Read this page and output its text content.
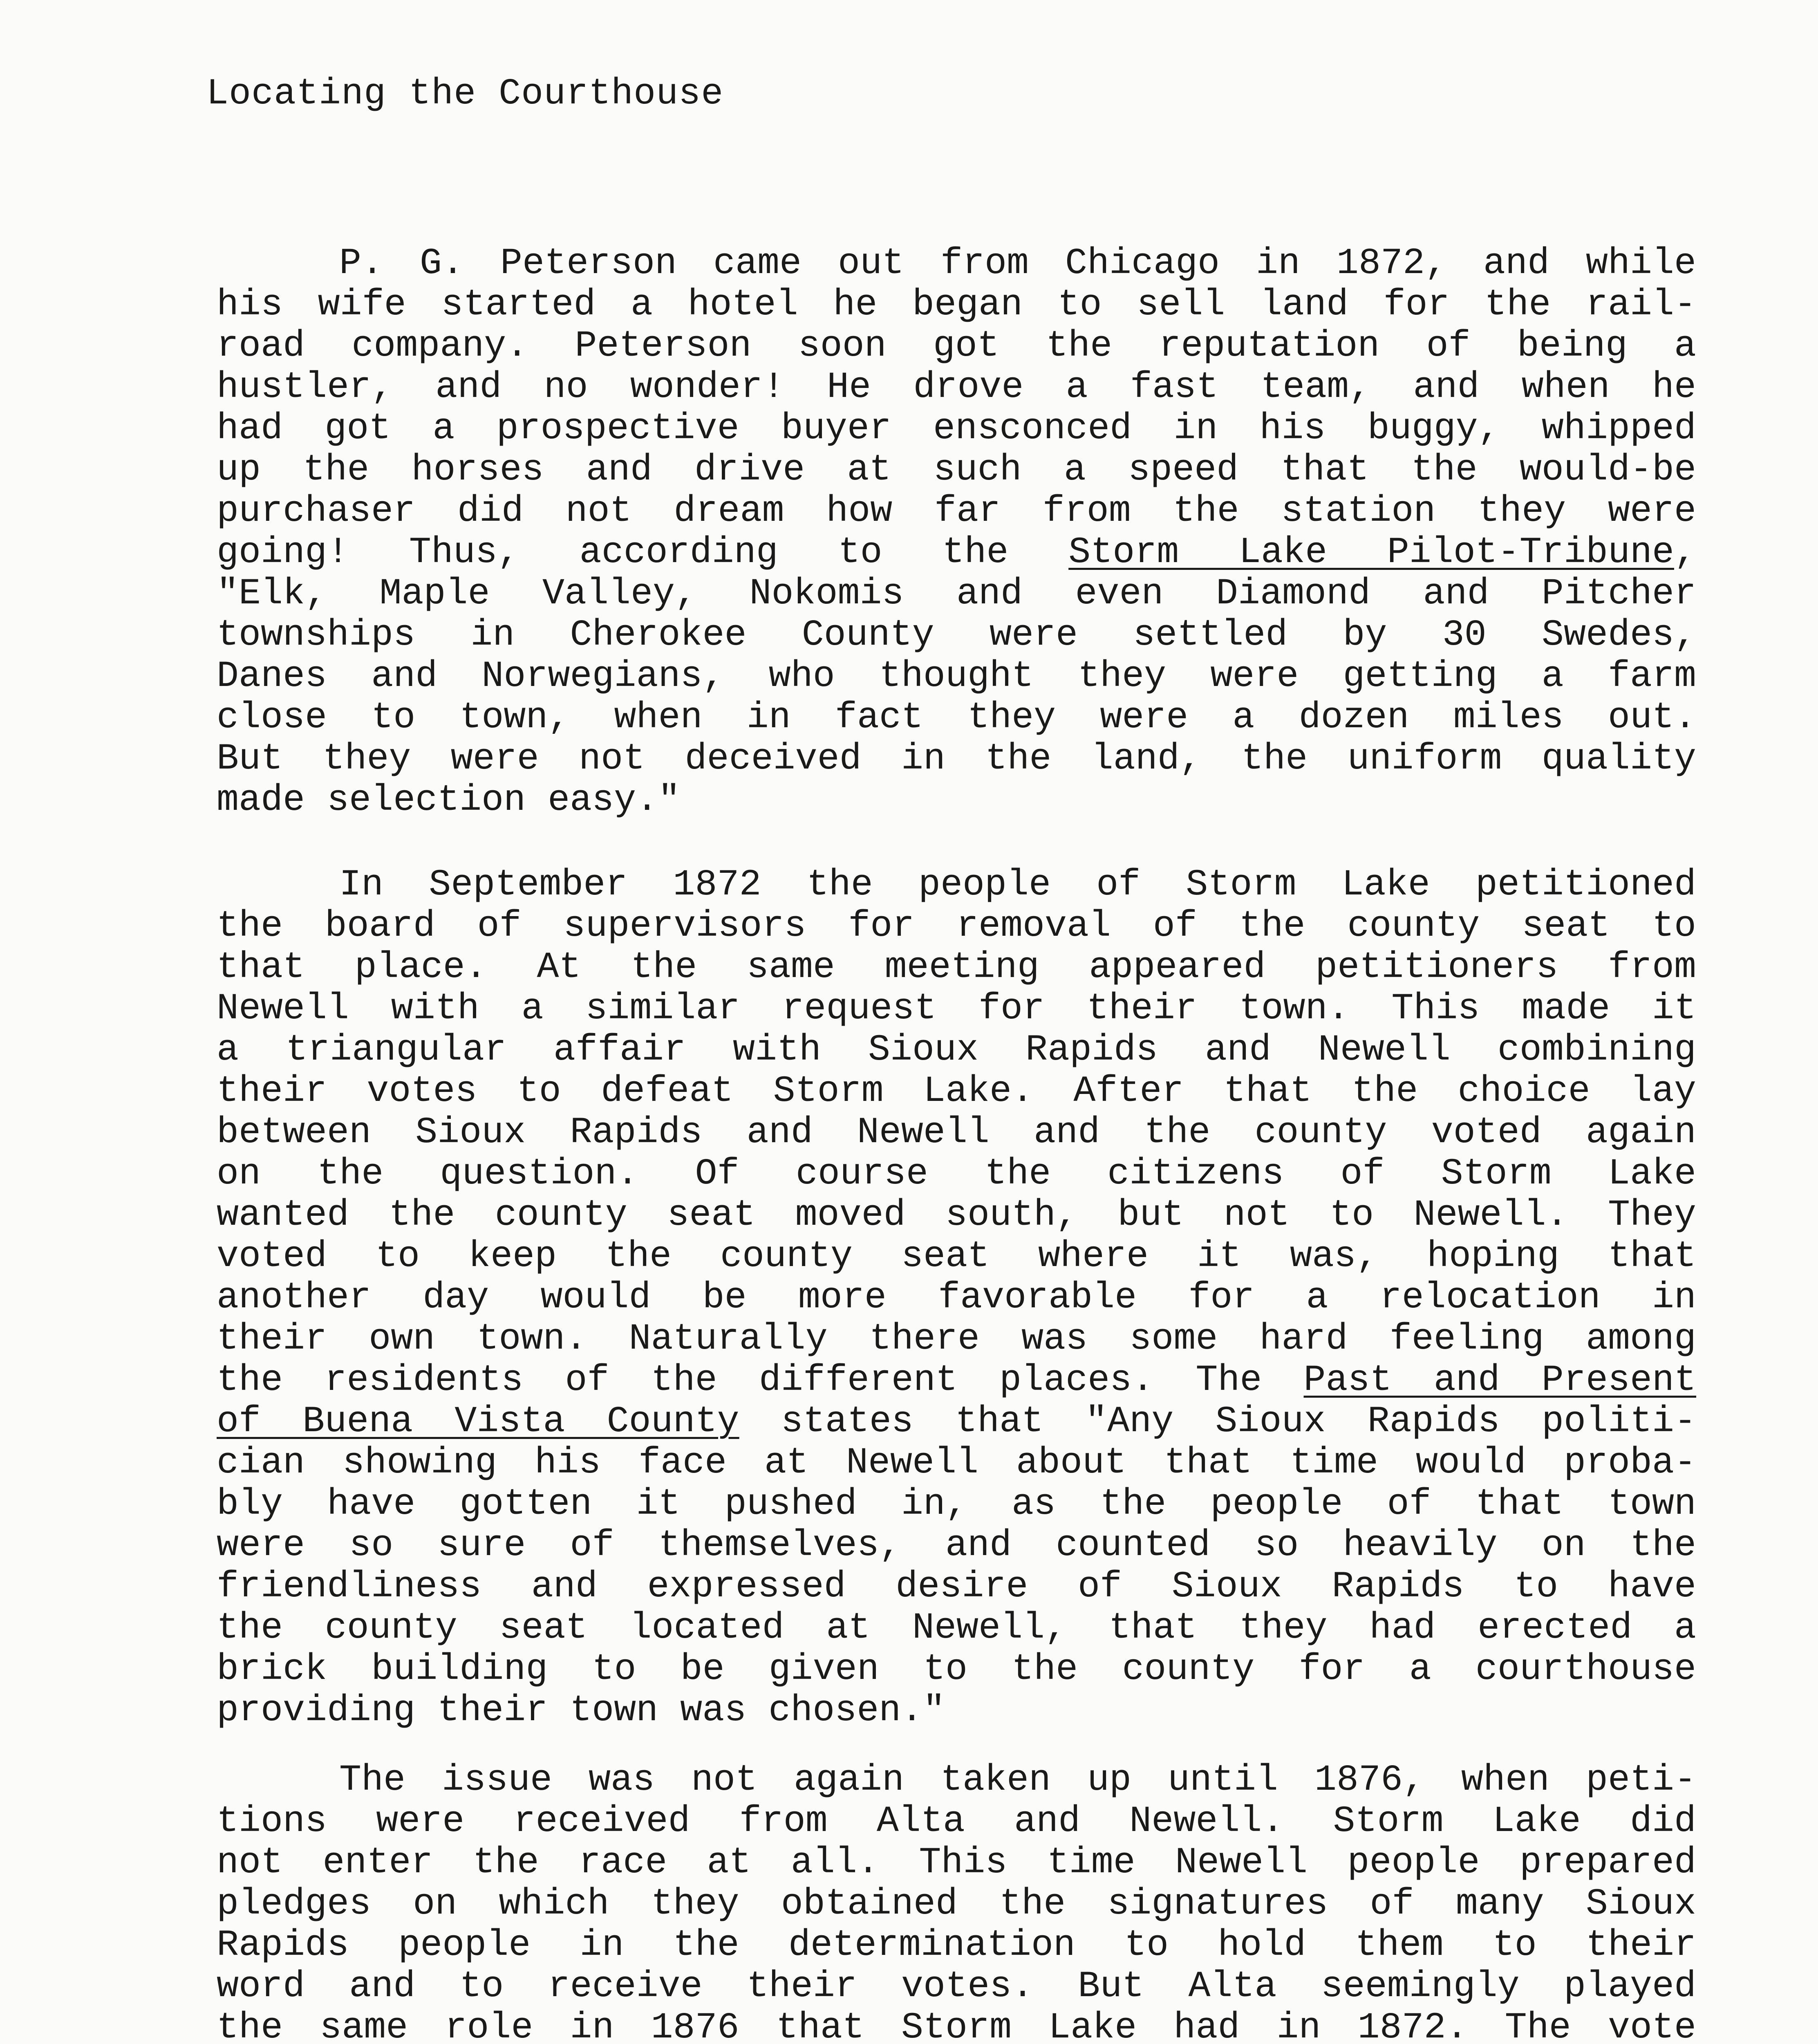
Locating the Courthouse
P. G. Peterson came out from Chicago in 1872, and while
his wife started a hotel he began to sell land for the rail-
road company. Peterson soon got the reputation of being a
hustler, and no wonder! He drove a fast team, and when he
had got a prospective buyer ensconced in his buggy, whipped
up the horses and drive at such a speed that the would-be
purchaser did not dream how far from the station they were
going! Thus, according to the Storm Lake Pilot-Tribune,
"Elk, Maple Valley, Nokomis and even Diamond and Pitcher
townships in Cherokee County were settled by 30 Swedes,
Danes and Norwegians, who thought they were getting a farm
close to town, when in fact they were a dozen miles out.
But they were not deceived in the land, the uniform quality
made selection easy."
In September 1872 the people of Storm Lake petitioned
the board of supervisors for removal of the county seat to
that place. At the same meeting appeared petitioners from
Newell with a similar request for their town. This made it
a triangular affair with Sioux Rapids and Newell combining
their votes to defeat Storm Lake. After that the choice lay
between Sioux Rapids and Newell and the county voted again
on the question. Of course the citizens of Storm Lake
wanted the county seat moved south, but not to Newell. They
voted to keep the county seat where it was, hoping that
another day would be more favorable for a relocation in
their own town. Naturally there was some hard feeling among
the residents of the different places. The Past and Present
of Buena Vista County states that "Any Sioux Rapids politi-
cian showing his face at Newell about that time would proba-
bly have gotten it pushed in, as the people of that town
were so sure of themselves, and counted so heavily on the
friendliness and expressed desire of Sioux Rapids to have
the county seat located at Newell, that they had erected a
brick building to be given to the county for a courthouse
providing their town was chosen."
The issue was not again taken up until 1876, when peti-
tions were received from Alta and Newell. Storm Lake did
not enter the race at all. This time Newell people prepared
pledges on which they obtained the signatures of many Sioux
Rapids people in the determination to hold them to their
word and to receive their votes. But Alta seemingly played
the same role in 1876 that Storm Lake had in 1872. The vote
